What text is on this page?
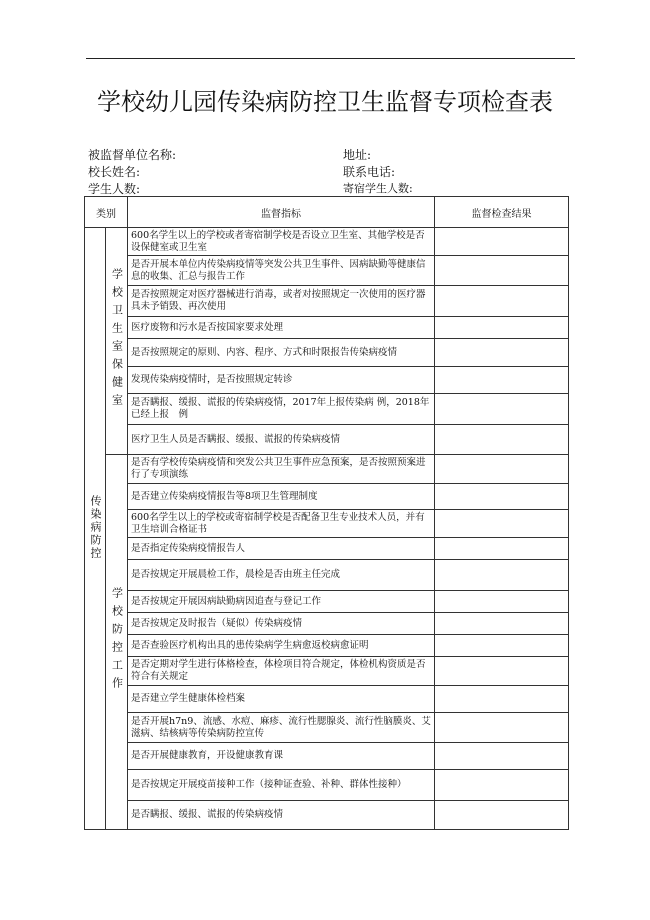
学校幼儿园传染病防控卫生监督专项检查表
被监督单位名称:	地址:
校长姓名:	联系电话:
学生人数:	寄宿学生人数:
类别		监督指标	监督检查结果
传染病防控	学校卫生室保健室	600名学生以上的学校或者寄宿制学校是否设立卫生室、其他学校是否设保健室或卫生室	
		是否开展本单位内传染病疫情等突发公共卫生事件、因病缺勤等健康信息的收集、汇总与报告工作	
		是否按照规定对医疗器械进行消毒，或者对按照规定一次使用的医疗器具未予销毁、再次使用	
		医疗废物和污水是否按国家要求处理	
		是否按照规定的原则、内容、程序、方式和时限报告传染病疫情	
		发现传染病疫情时，是否按照规定转诊	
		是否瞒报、缓报、谎报的传染病疫情，2017年上报传染病 例，2018年已经上报　例	
		医疗卫生人员是否瞒报、缓报、谎报的传染病疫情	
	学校防控工作	是否有学校传染病疫情和突发公共卫生事件应急预案，是否按照预案进行了专项演练	
		是否建立传染病疫情报告等8项卫生管理制度	
		600名学生以上的学校或寄宿制学校是否配备卫生专业技术人员，并有卫生培训合格证书	
		是否指定传染病疫情报告人	
		是否按规定开展晨检工作，晨检是否由班主任完成	
		是否按规定开展因病缺勤病因追查与登记工作	
		是否按规定及时报告（疑似）传染病疫情	
		是否查验医疗机构出具的患传染病学生病愈返校病愈证明	
		是否定期对学生进行体格检查，体检项目符合规定，体检机构资质是否符合有关规定	
		是否建立学生健康体检档案	
		是否开展h7n9、流感、水痘、麻疹、流行性腮腺炎、流行性脑膜炎、艾滋病、结核病等传染病防控宣传	
		是否开展健康教育，开设健康教育课	
		是否按规定开展疫苗接种工作（接种证查验、补种、群体性接种）	
		是否瞒报、缓报、谎报的传染病疫情	
